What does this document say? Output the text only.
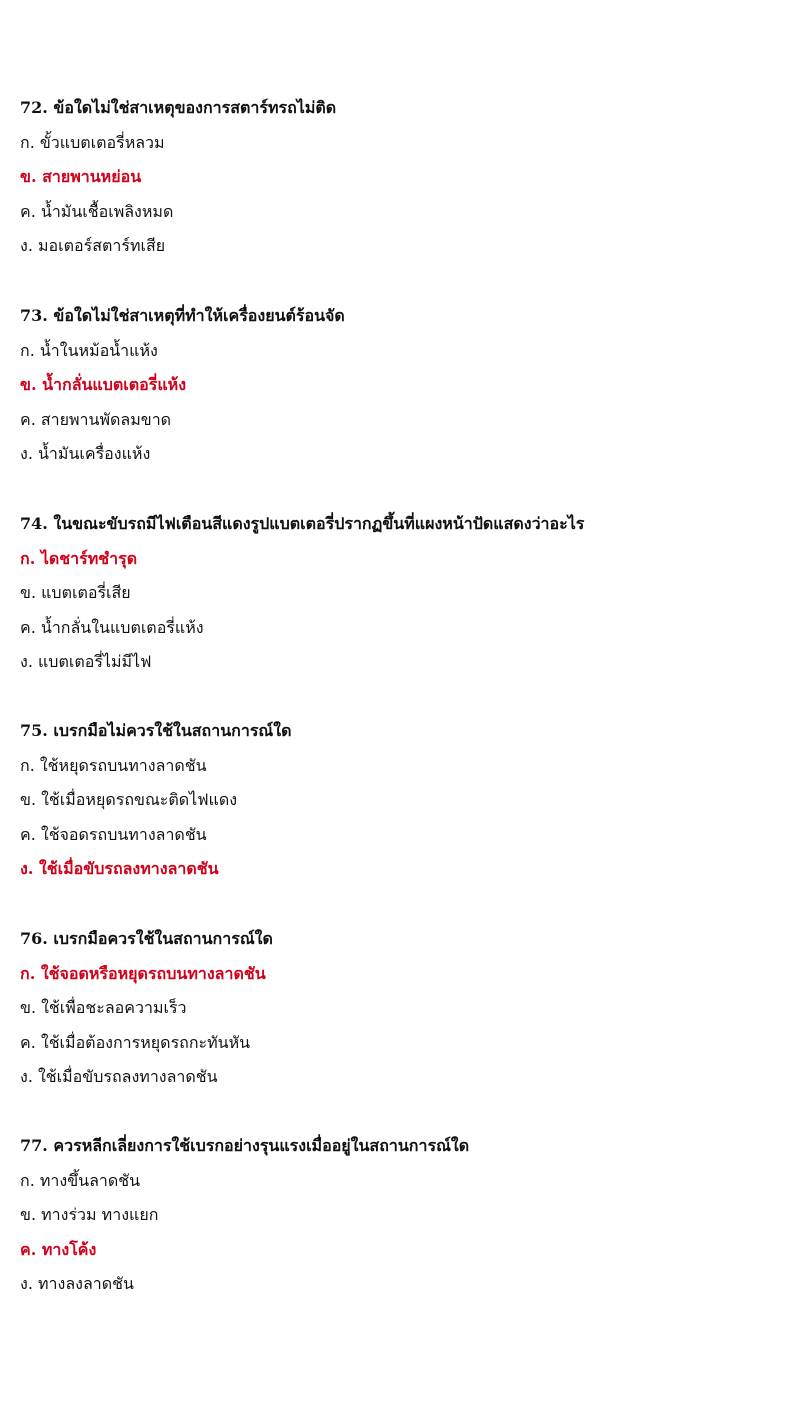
72. ข้อใดไม่ใช่สาเหตุของการสตาร์ทรถไม่ติด
ก. ขั้วแบตเตอรี่หลวม
ข. สายพานหย่อน
ค. น้ำมันเชื้อเพลิงหมด
ง. มอเตอร์สตาร์ทเสีย
73. ข้อใดไม่ใช่สาเหตุที่ทำให้เครื่องยนต์ร้อนจัด
ก. น้ำในหม้อน้ำแห้ง
ข. น้ำกลั่นแบตเตอรี่แห้ง
ค. สายพานพัดลมขาด
ง. น้ำมันเครื่องแห้ง
74. ในขณะขับรถมีไฟเตือนสีแดงรูปแบตเตอรี่ปรากฏขึ้นที่แผงหน้าปัดแสดงว่าอะไร
ก. ไดชาร์ทชำรุด
ข. แบตเตอรี่เสีย
ค. น้ำกลั่นในแบตเตอรี่แห้ง
ง. แบตเตอรี่ไม่มีไฟ
75. เบรกมือไม่ควรใช้ในสถานการณ์ใด
ก. ใช้หยุดรถบนทางลาดชัน
ข. ใช้เมื่อหยุดรถขณะติดไฟแดง
ค. ใช้จอดรถบนทางลาดชัน
ง. ใช้เมื่อขับรถลงทางลาดชัน
76. เบรกมือควรใช้ในสถานการณ์ใด
ก. ใช้จอดหรือหยุดรถบนทางลาดชัน
ข. ใช้เพื่อชะลอความเร็ว
ค. ใช้เมื่อต้องการหยุดรถกะทันหัน
ง. ใช้เมื่อขับรถลงทางลาดชัน
77. ควรหลีกเลี่ยงการใช้เบรกอย่างรุนแรงเมื่ออยู่ในสถานการณ์ใด
ก. ทางขึ้นลาดชัน
ข. ทางร่วม ทางแยก
ค. ทางโค้ง
ง. ทางลงลาดชัน
